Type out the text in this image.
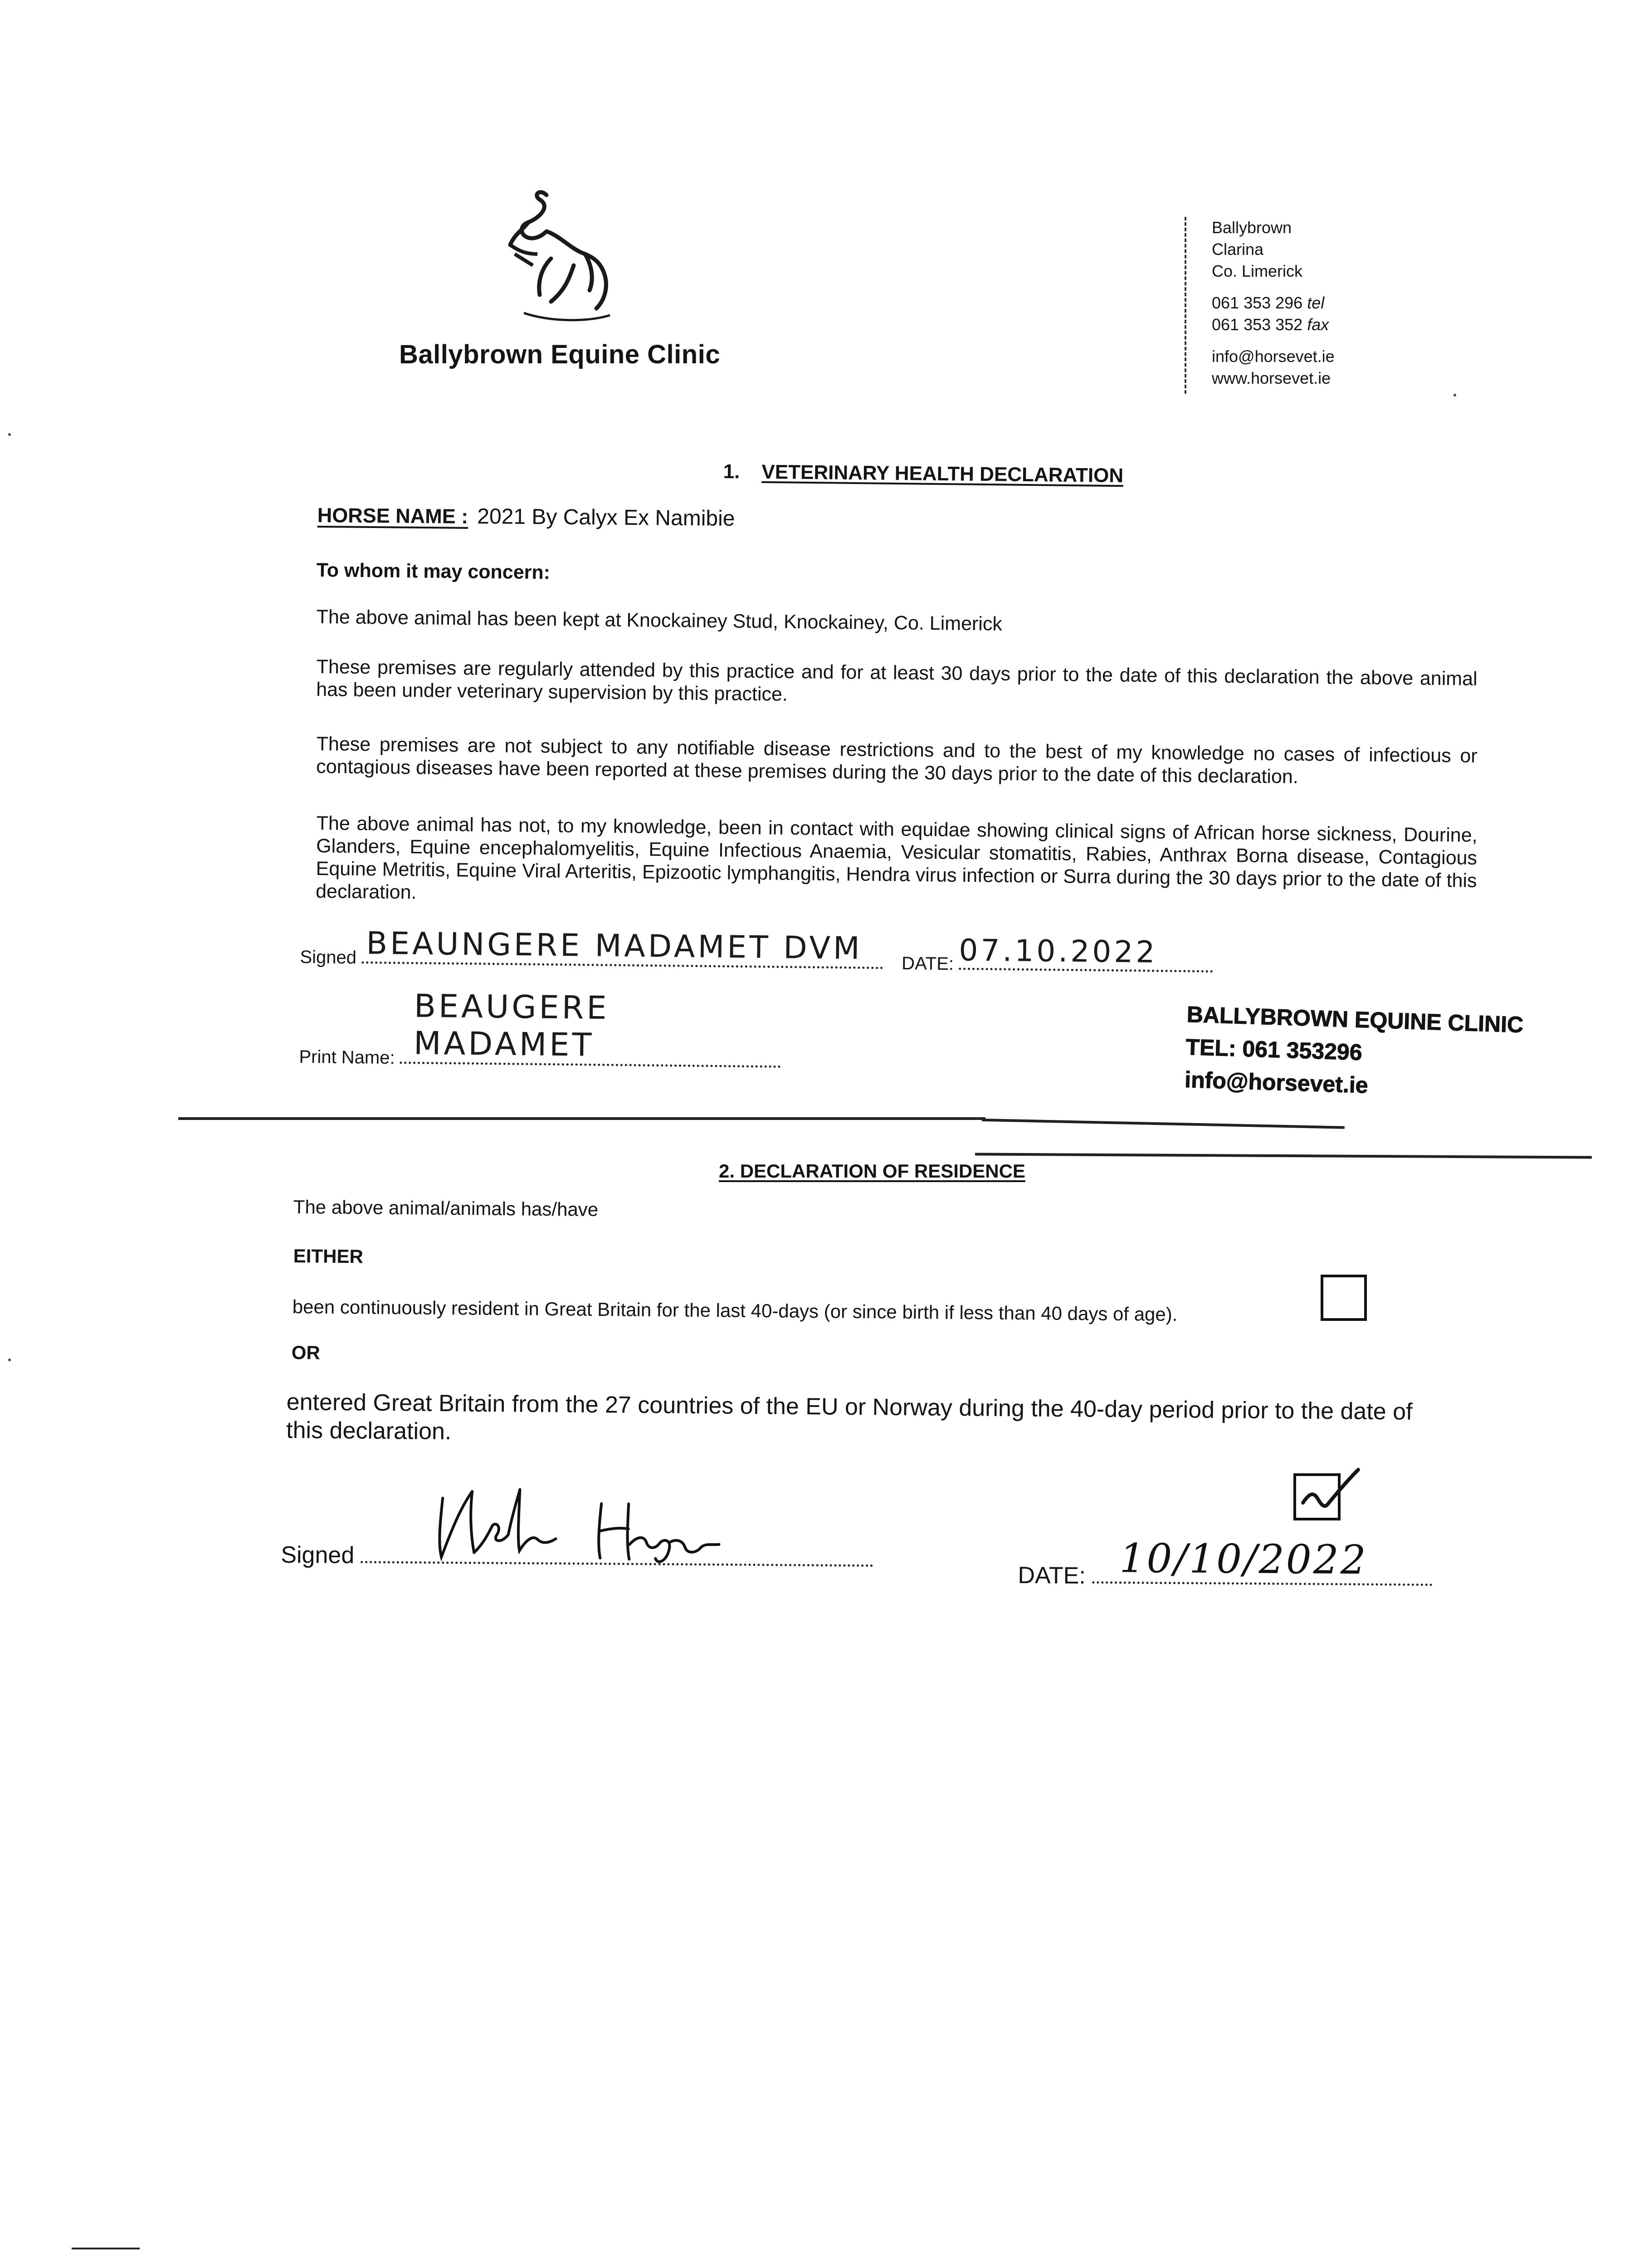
Ballybrown Equine Clinic
Ballybrown
Clarina
Co. Limerick
061 353 296 tel
061 353 352 fax
info@horsevet.ie
www.horsevet.ie
1. VETERINARY HEALTH DECLARATION
HORSE NAME : 2021 By Calyx Ex Namibie
To whom it may concern:
The above animal has been kept at Knockainey Stud, Knockainey, Co. Limerick
These premises are regularly attended by this practice and for at least 30 days prior to the date of this declaration the above animal has been under veterinary supervision by this practice.
These premises are not subject to any notifiable disease restrictions and to the best of my knowledge no cases of infectious or contagious diseases have been reported at these premises during the 30 days prior to the date of this declaration.
The above animal has not, to my knowledge, been in contact with equidae showing clinical signs of African horse sickness, Dourine, Glanders, Equine encephalomyelitis, Equine Infectious Anaemia, Vesicular stomatitis, Rabies, Anthrax Borna disease, Contagious Equine Metritis, Equine Viral Arteritis, Epizootic lymphangitis, Hendra virus infection or Surra during the 30 days prior to the date of this declaration.
Signed BEAUNGERE MADAMET DVM DATE: 07.10.2022
Print Name:
BEAUGERE MADAMET
BALLYBROWN EQUINE CLINIC
TEL: 061 353296
info@horsevet.ie
2. DECLARATION OF RESIDENCE
The above animal/animals has/have
EITHER
been continuously resident in Great Britain for the last 40-days (or since birth if less than 40 days of age).
OR
entered Great Britain from the 27 countries of the EU or Norway during the 40-day period prior to the date of this declaration.
Signed
DATE: 10/10/2022
